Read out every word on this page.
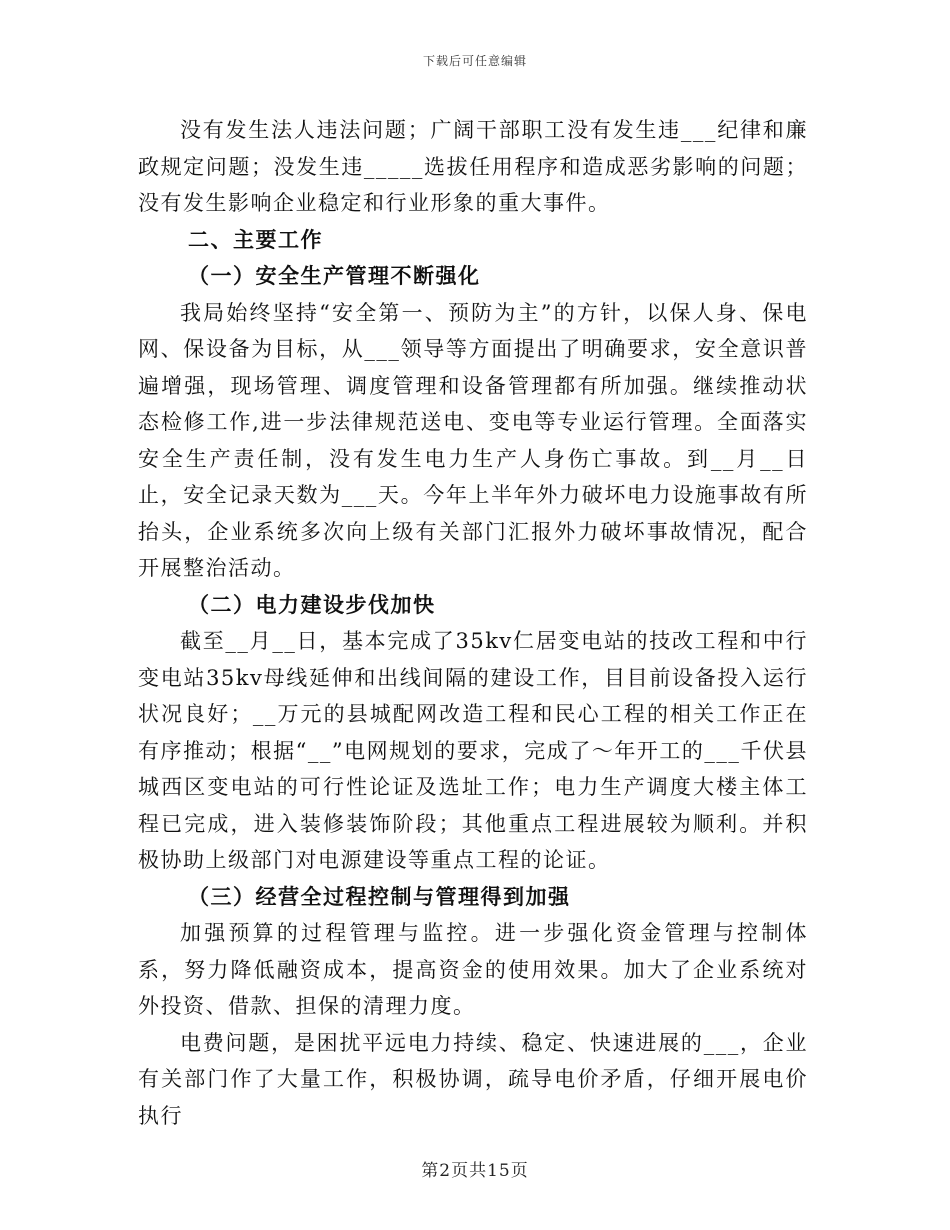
下载后可任意编辑

没有发生法人违法问题；广阔干部职工没有发生违___纪律和廉政规定问题；没发生违_____选拔任用程序和造成恶劣影响的问题；没有发生影响企业稳定和行业形象的重大事件。

二、主要工作

（一）安全生产管理不断强化

我局始终坚持“安全第一、预防为主”的方针，以保人身、保电网、保设备为目标，从___领导等方面提出了明确要求，安全意识普遍增强，现场管理、调度管理和设备管理都有所加强。继续推动状态检修工作,进一步法律规范送电、变电等专业运行管理。全面落实安全生产责任制，没有发生电力生产人身伤亡事故。到__月__日止，安全记录天数为___天。今年上半年外力破坏电力设施事故有所抬头，企业系统多次向上级有关部门汇报外力破坏事故情况，配合开展整治活动。

（二）电力建设步伐加快

截至__月__日，基本完成了35kv仁居变电站的技改工程和中行变电站35kv母线延伸和出线间隔的建设工作，目目前设备投入运行状况良好；__万元的县城配网改造工程和民心工程的相关工作正在有序推动；根据“__”电网规划的要求，完成了～年开工的___千伏县城西区变电站的可行性论证及选址工作；电力生产调度大楼主体工程已完成，进入装修装饰阶段；其他重点工程进展较为顺利。并积极协助上级部门对电源建设等重点工程的论证。

（三）经营全过程控制与管理得到加强

加强预算的过程管理与监控。进一步强化资金管理与控制体系，努力降低融资成本，提高资金的使用效果。加大了企业系统对外投资、借款、担保的清理力度。

电费问题，是困扰平远电力持续、稳定、快速进展的___，企业有关部门作了大量工作，积极协调，疏导电价矛盾，仔细开展电价执行

第2页共15页
